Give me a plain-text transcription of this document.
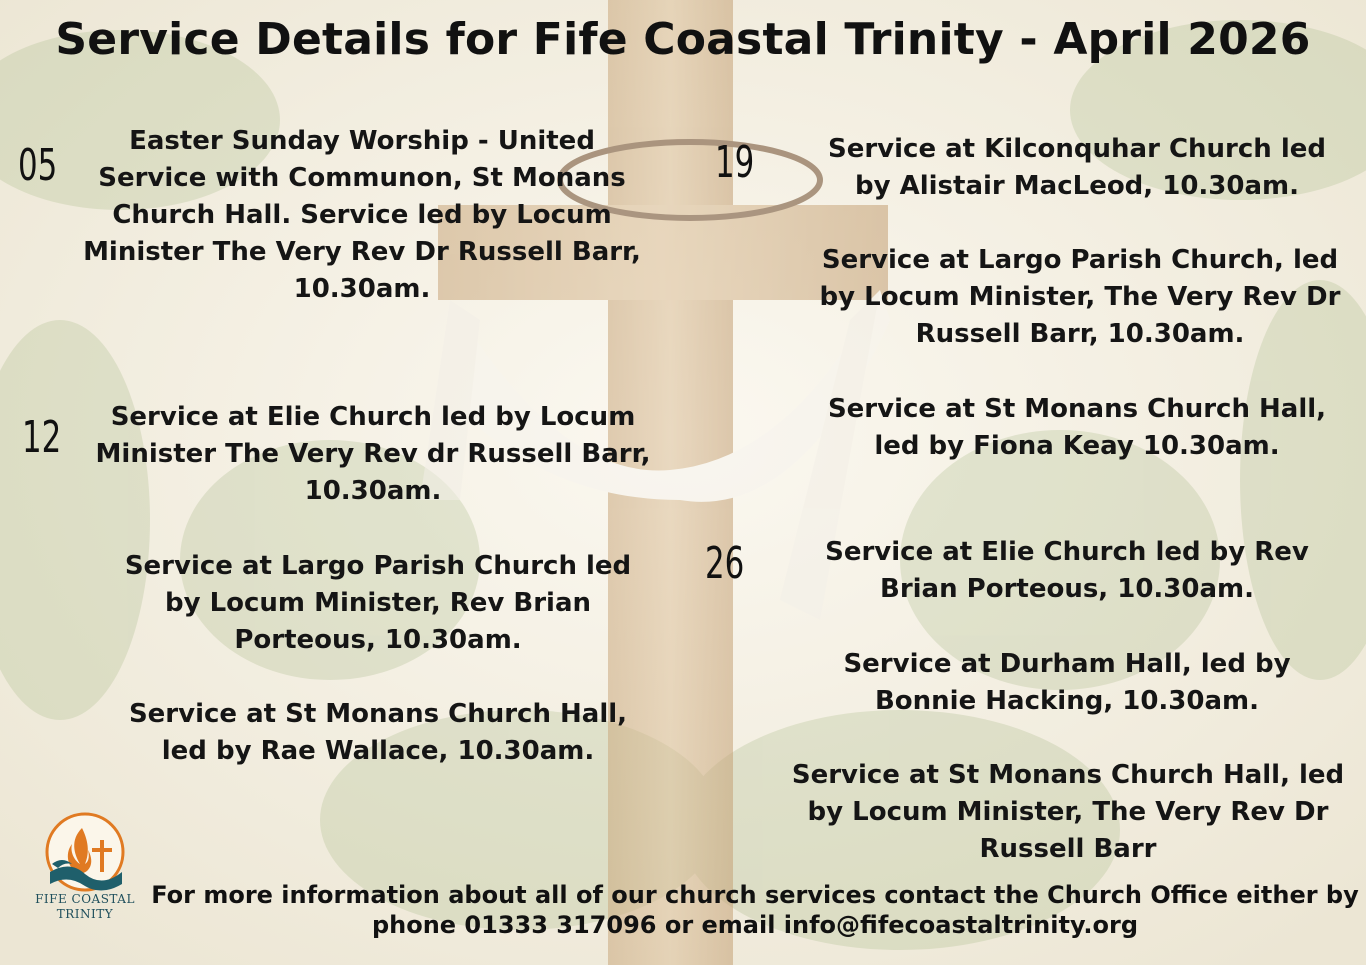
Service Details for Fife Coastal Trinity - April 2026
05	Easter Sunday Worship - United Service with Communon, St Monans Church Hall. Service led by Locum Minister The Very Rev Dr Russell Barr, 10.30am.
12	Service at Elie Church led by Locum Minister The Very Rev dr Russell Barr, 10.30am.
Service at Largo Parish Church led by Locum Minister, Rev Brian Porteous, 10.30am.
Service at St Monans Church Hall, led by Rae Wallace, 10.30am.
19	Service at Kilconquhar Church led by Alistair MacLeod, 10.30am.
Service at Largo Parish Church, led by Locum Minister, The Very Rev Dr Russell Barr, 10.30am.
Service at St Monans Church Hall, led by Fiona Keay 10.30am.
26	Service at Elie Church led by Rev Brian Porteous, 10.30am.
Service at Durham Hall, led by Bonnie Hacking, 10.30am.
Service at St Monans Church Hall, led by Locum Minister, The Very Rev Dr Russell Barr
FIFE COASTAL
TRINITY
For more information about all of our church services contact the Church Office either by
phone 01333 317096 or email info@fifecoastaltrinity.org
